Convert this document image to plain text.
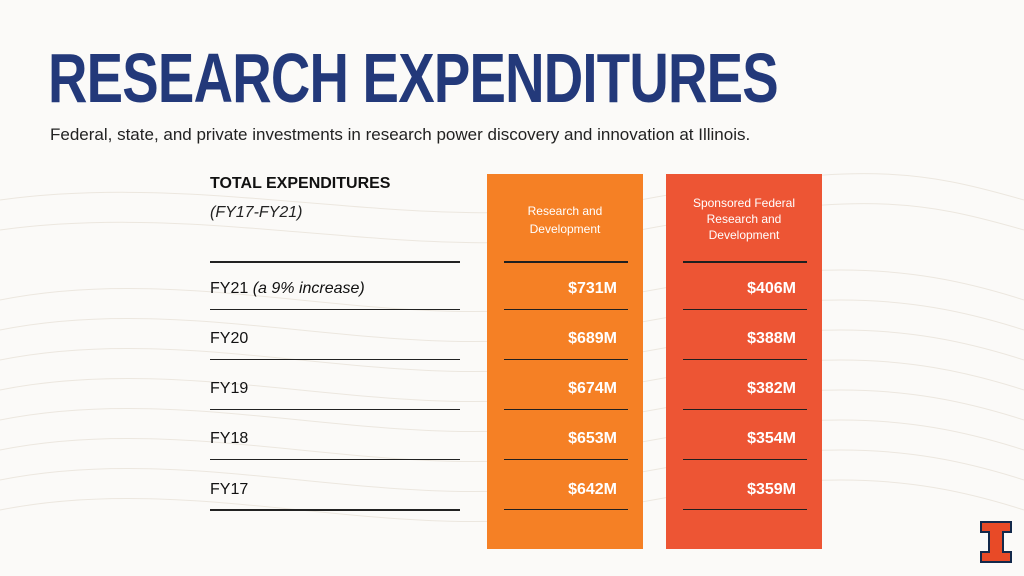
RESEARCH EXPENDITURES
Federal, state, and private investments in research power discovery and innovation at Illinois.
TOTAL EXPENDITURES
(FY17-FY21)
FY21 (a 9% increase)
FY20
FY19
FY18
FY17
Research and
Development
$731M
$689M
$674M
$653M
$642M
Sponsored Federal
Research and
Development
$406M
$388M
$382M
$354M
$359M
